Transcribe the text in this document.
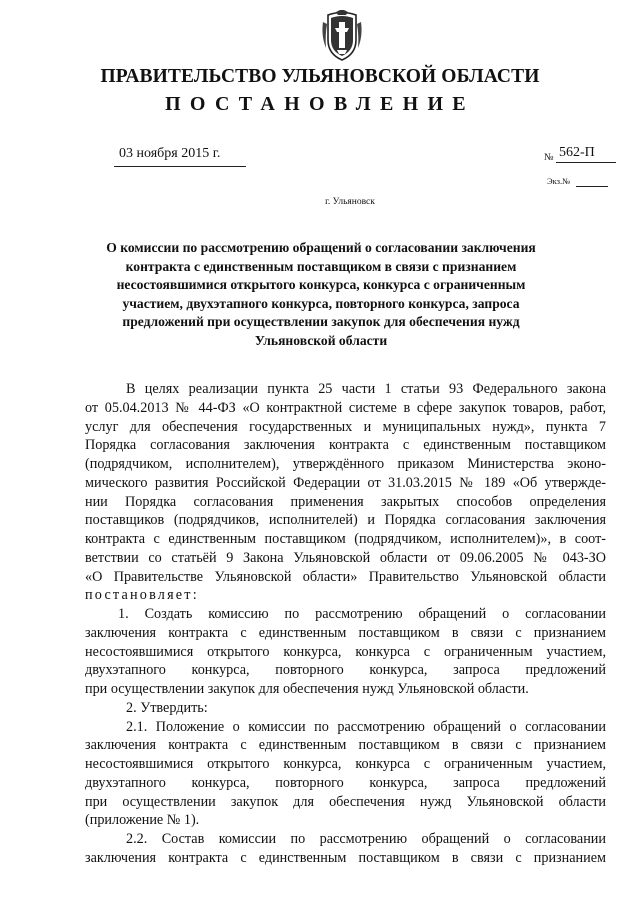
ПРАВИТЕЛЬСТВО УЛЬЯНОВСКОЙ ОБЛАСТИ
ПОСТАНОВЛЕНИЕ
03 ноября 2015 г.	№ 562-П
Экз.№
г. Ульяновск
О комиссии по рассмотрению обращений о согласовании заключения
контракта с единственным поставщиком в связи с признанием
несостоявшимися открытого конкурса, конкурса с ограниченным
участием, двухэтапного конкурса, повторного конкурса, запроса
предложений при осуществлении закупок для обеспечения нужд
Ульяновской области
В целях реализации пункта 25 части 1 статьи 93 Федерального закона
от 05.04.2013 № 44-ФЗ «О контрактной системе в сфере закупок товаров, работ,
услуг для обеспечения государственных и муниципальных нужд», пункта 7
Порядка согласования заключения контракта с единственным поставщиком
(подрядчиком, исполнителем), утверждённого приказом Министерства эконо-
мического развития Российской Федерации от 31.03.2015 № 189 «Об утвержде-
нии Порядка согласования применения закрытых способов определения
поставщиков (подрядчиков, исполнителей) и Порядка согласования заключения
контракта с единственным поставщиком (подрядчиком, исполнителем)», в соот-
ветствии со статьёй 9 Закона Ульяновской области от 09.06.2005 № 043-ЗО
«О Правительстве Ульяновской области» Правительство Ульяновской области
постановляет:
1. Создать комиссию по рассмотрению обращений о согласовании
заключения контракта с единственным поставщиком в связи с признанием
несостоявшимися открытого конкурса, конкурса с ограниченным участием,
двухэтапного конкурса, повторного конкурса, запроса предложений
при осуществлении закупок для обеспечения нужд Ульяновской области.
2. Утвердить:
2.1. Положение о комиссии по рассмотрению обращений о согласовании
заключения контракта с единственным поставщиком в связи с признанием
несостоявшимися открытого конкурса, конкурса с ограниченным участием,
двухэтапного конкурса, повторного конкурса, запроса предложений
при осуществлении закупок для обеспечения нужд Ульяновской области
(приложение № 1).
2.2. Состав комиссии по рассмотрению обращений о согласовании
заключения контракта с единственным поставщиком в связи с признанием
